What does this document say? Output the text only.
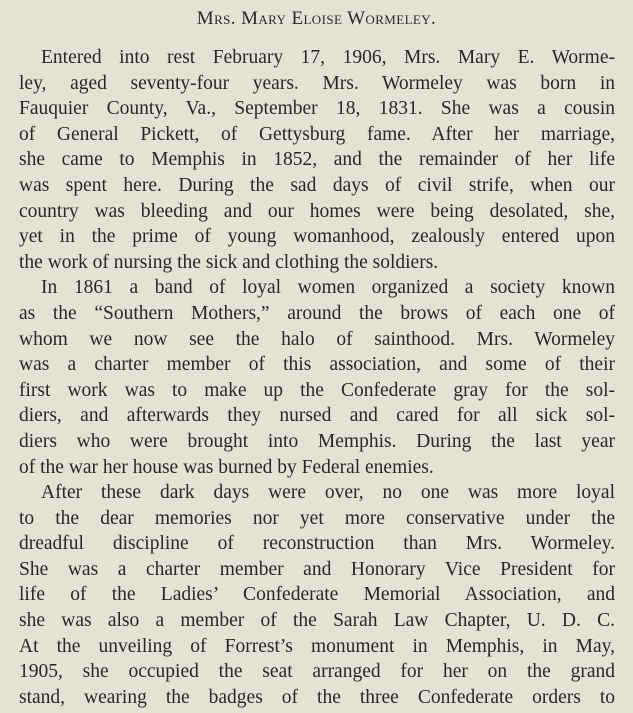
Mrs. Mary Eloise Wormeley.
Entered into rest February 17, 1906, Mrs. Mary E. Worme-
ley, aged seventy-four years. Mrs. Wormeley was born in
Fauquier County, Va., September 18, 1831. She was a cousin
of General Pickett, of Gettysburg fame. After her marriage,
she came to Memphis in 1852, and the remainder of her life
was spent here. During the sad days of civil strife, when our
country was bleeding and our homes were being desolated, she,
yet in the prime of young womanhood, zealously entered upon
the work of nursing the sick and clothing the soldiers.
In 1861 a band of loyal women organized a society known
as the “Southern Mothers,” around the brows of each one of
whom we now see the halo of sainthood. Mrs. Wormeley
was a charter member of this association, and some of their
first work was to make up the Confederate gray for the sol-
diers, and afterwards they nursed and cared for all sick sol-
diers who were brought into Memphis. During the last year
of the war her house was burned by Federal enemies.
After these dark days were over, no one was more loyal
to the dear memories nor yet more conservative under the
dreadful discipline of reconstruction than Mrs. Wormeley.
She was a charter member and Honorary Vice President for
life of the Ladies’ Confederate Memorial Association, and
she was also a member of the Sarah Law Chapter, U. D. C.
At the unveiling of Forrest’s monument in Memphis, in May,
1905, she occupied the seat arranged for her on the grand
stand, wearing the badges of the three Confederate orders to
